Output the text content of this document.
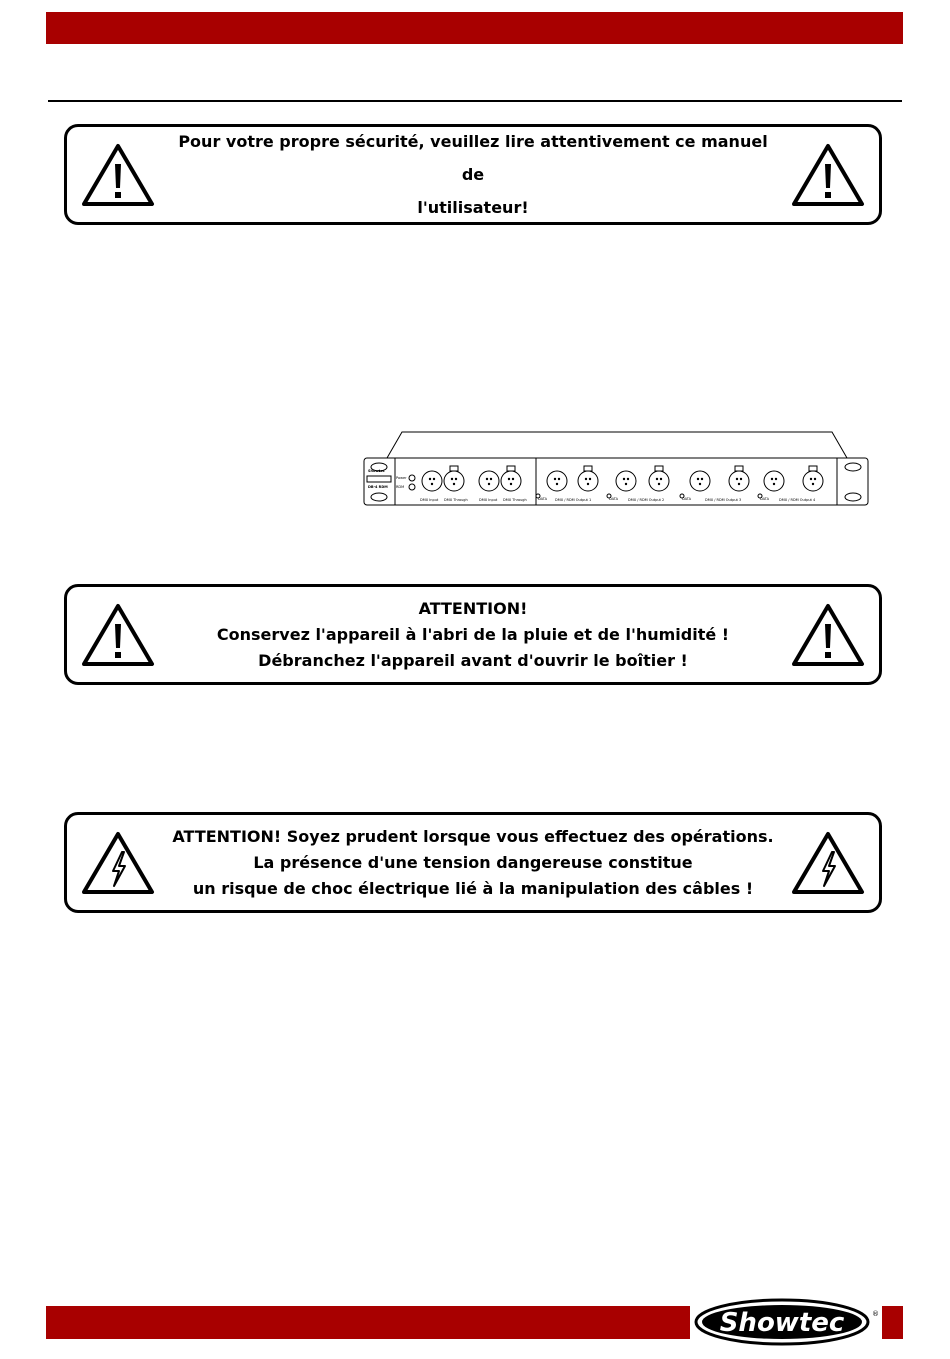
Pour votre propre sécurité, veuillez lire attentivement ce manuel de
l'utilisateur!
Showtec
DB-4 RDM
Power
RDM
DMX Input DMX Through	DMX Input DMX Through	DMX / RDM Output 1	DMX / RDM Output 2	DMX / RDM Output 3	DMX / RDM Output 4
DATA	DATA	DATA	DATA
ATTENTION!
Conservez l'appareil à l'abri de la pluie et de l'humidité !
Débranchez l'appareil avant d'ouvrir le boîtier !
ATTENTION! Soyez prudent lorsque vous effectuez des opérations.
La présence d'une tension dangereuse constitue
un risque de choc électrique lié à la manipulation des câbles !
Showtec	®
